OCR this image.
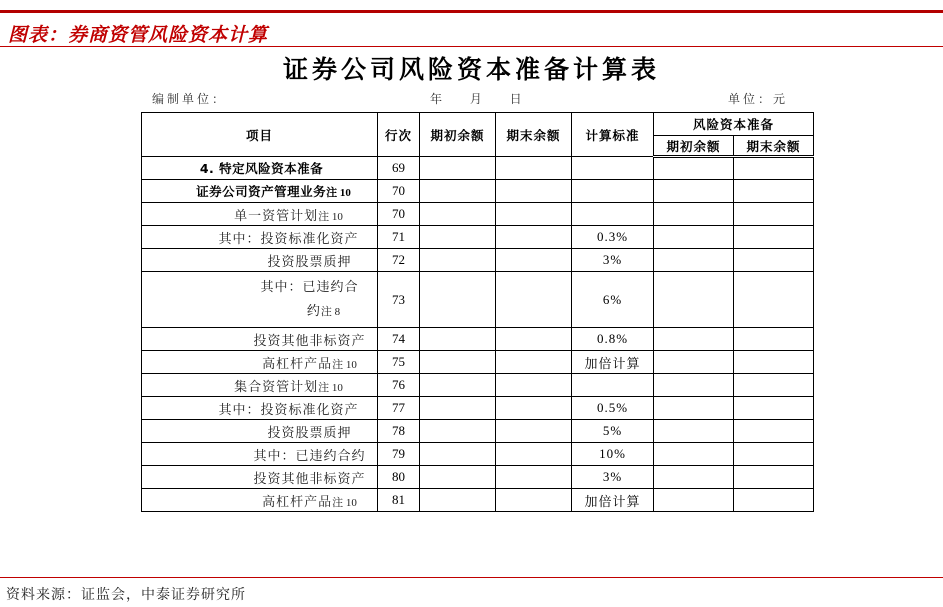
图表：券商资管风险资本计算
证券公司风险资本准备计算表
编制单位：	年 月 日	单位：元
项目	行次	期初余额	期末余额	计算标准	风险资本准备	
					期初余额	期末余额
4. 特定风险资本准备	69					
证券公司资产管理业务注 10	70					
单一资管计划注 10	70					
其中：投资标准化资产	71			0.3%		
投资股票质押	72			3%		
其中：已违约合
约注 8	73			6%		
投资其他非标资产	74			0.8%		
高杠杆产品注 10	75			加倍计算		
集合资管计划注 10	76					
其中：投资标准化资产	77			0.5%		
投资股票质押	78			5%		
其中：已违约合约	79			10%		
投资其他非标资产	80			3%		
高杠杆产品注 10	81			加倍计算		
资料来源：证监会，中泰证券研究所
